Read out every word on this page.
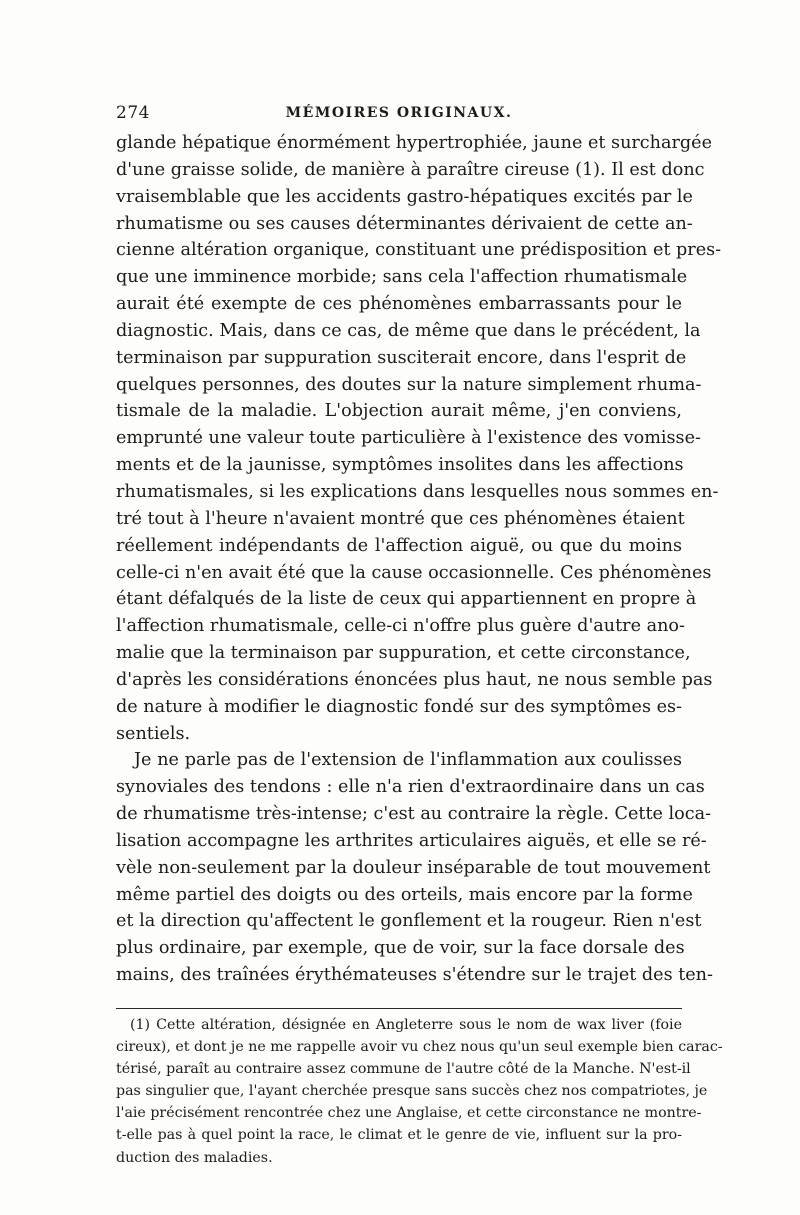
274	MÉMOIRES ORIGINAUX.
glande hépatique énormément hypertrophiée, jaune et surchargée
d'une graisse solide, de manière à paraître cireuse (1). Il est donc
vraisemblable que les accidents gastro-hépatiques excités par le
rhumatisme ou ses causes déterminantes dérivaient de cette an-
cienne altération organique, constituant une prédisposition et pres-
que une imminence morbide; sans cela l'affection rhumatismale
aurait été exempte de ces phénomènes embarrassants pour le
diagnostic. Mais, dans ce cas, de même que dans le précédent, la
terminaison par suppuration susciterait encore, dans l'esprit de
quelques personnes, des doutes sur la nature simplement rhuma-
tismale de la maladie. L'objection aurait même, j'en conviens,
emprunté une valeur toute particulière à l'existence des vomisse-
ments et de la jaunisse, symptômes insolites dans les affections
rhumatismales, si les explications dans lesquelles nous sommes en-
tré tout à l'heure n'avaient montré que ces phénomènes étaient
réellement indépendants de l'affection aiguë, ou que du moins
celle-ci n'en avait été que la cause occasionnelle. Ces phénomènes
étant défalqués de la liste de ceux qui appartiennent en propre à
l'affection rhumatismale, celle-ci n'offre plus guère d'autre ano-
malie que la terminaison par suppuration, et cette circonstance,
d'après les considérations énoncées plus haut, ne nous semble pas
de nature à modifier le diagnostic fondé sur des symptômes es-
sentiels.
Je ne parle pas de l'extension de l'inflammation aux coulisses
synoviales des tendons : elle n'a rien d'extraordinaire dans un cas
de rhumatisme très-intense; c'est au contraire la règle. Cette loca-
lisation accompagne les arthrites articulaires aiguës, et elle se ré-
vèle non-seulement par la douleur inséparable de tout mouvement
même partiel des doigts ou des orteils, mais encore par la forme
et la direction qu'affectent le gonflement et la rougeur. Rien n'est
plus ordinaire, par exemple, que de voir, sur la face dorsale des
mains, des traînées érythémateuses s'étendre sur le trajet des ten-
(1) Cette altération, désignée en Angleterre sous le nom de wax liver (foie
cireux), et dont je ne me rappelle avoir vu chez nous qu'un seul exemple bien carac-
térisé, paraît au contraire assez commune de l'autre côté de la Manche. N'est-il
pas singulier que, l'ayant cherchée presque sans succès chez nos compatriotes, je
l'aie précisément rencontrée chez une Anglaise, et cette circonstance ne montre-
t-elle pas à quel point la race, le climat et le genre de vie, influent sur la pro-
duction des maladies.
